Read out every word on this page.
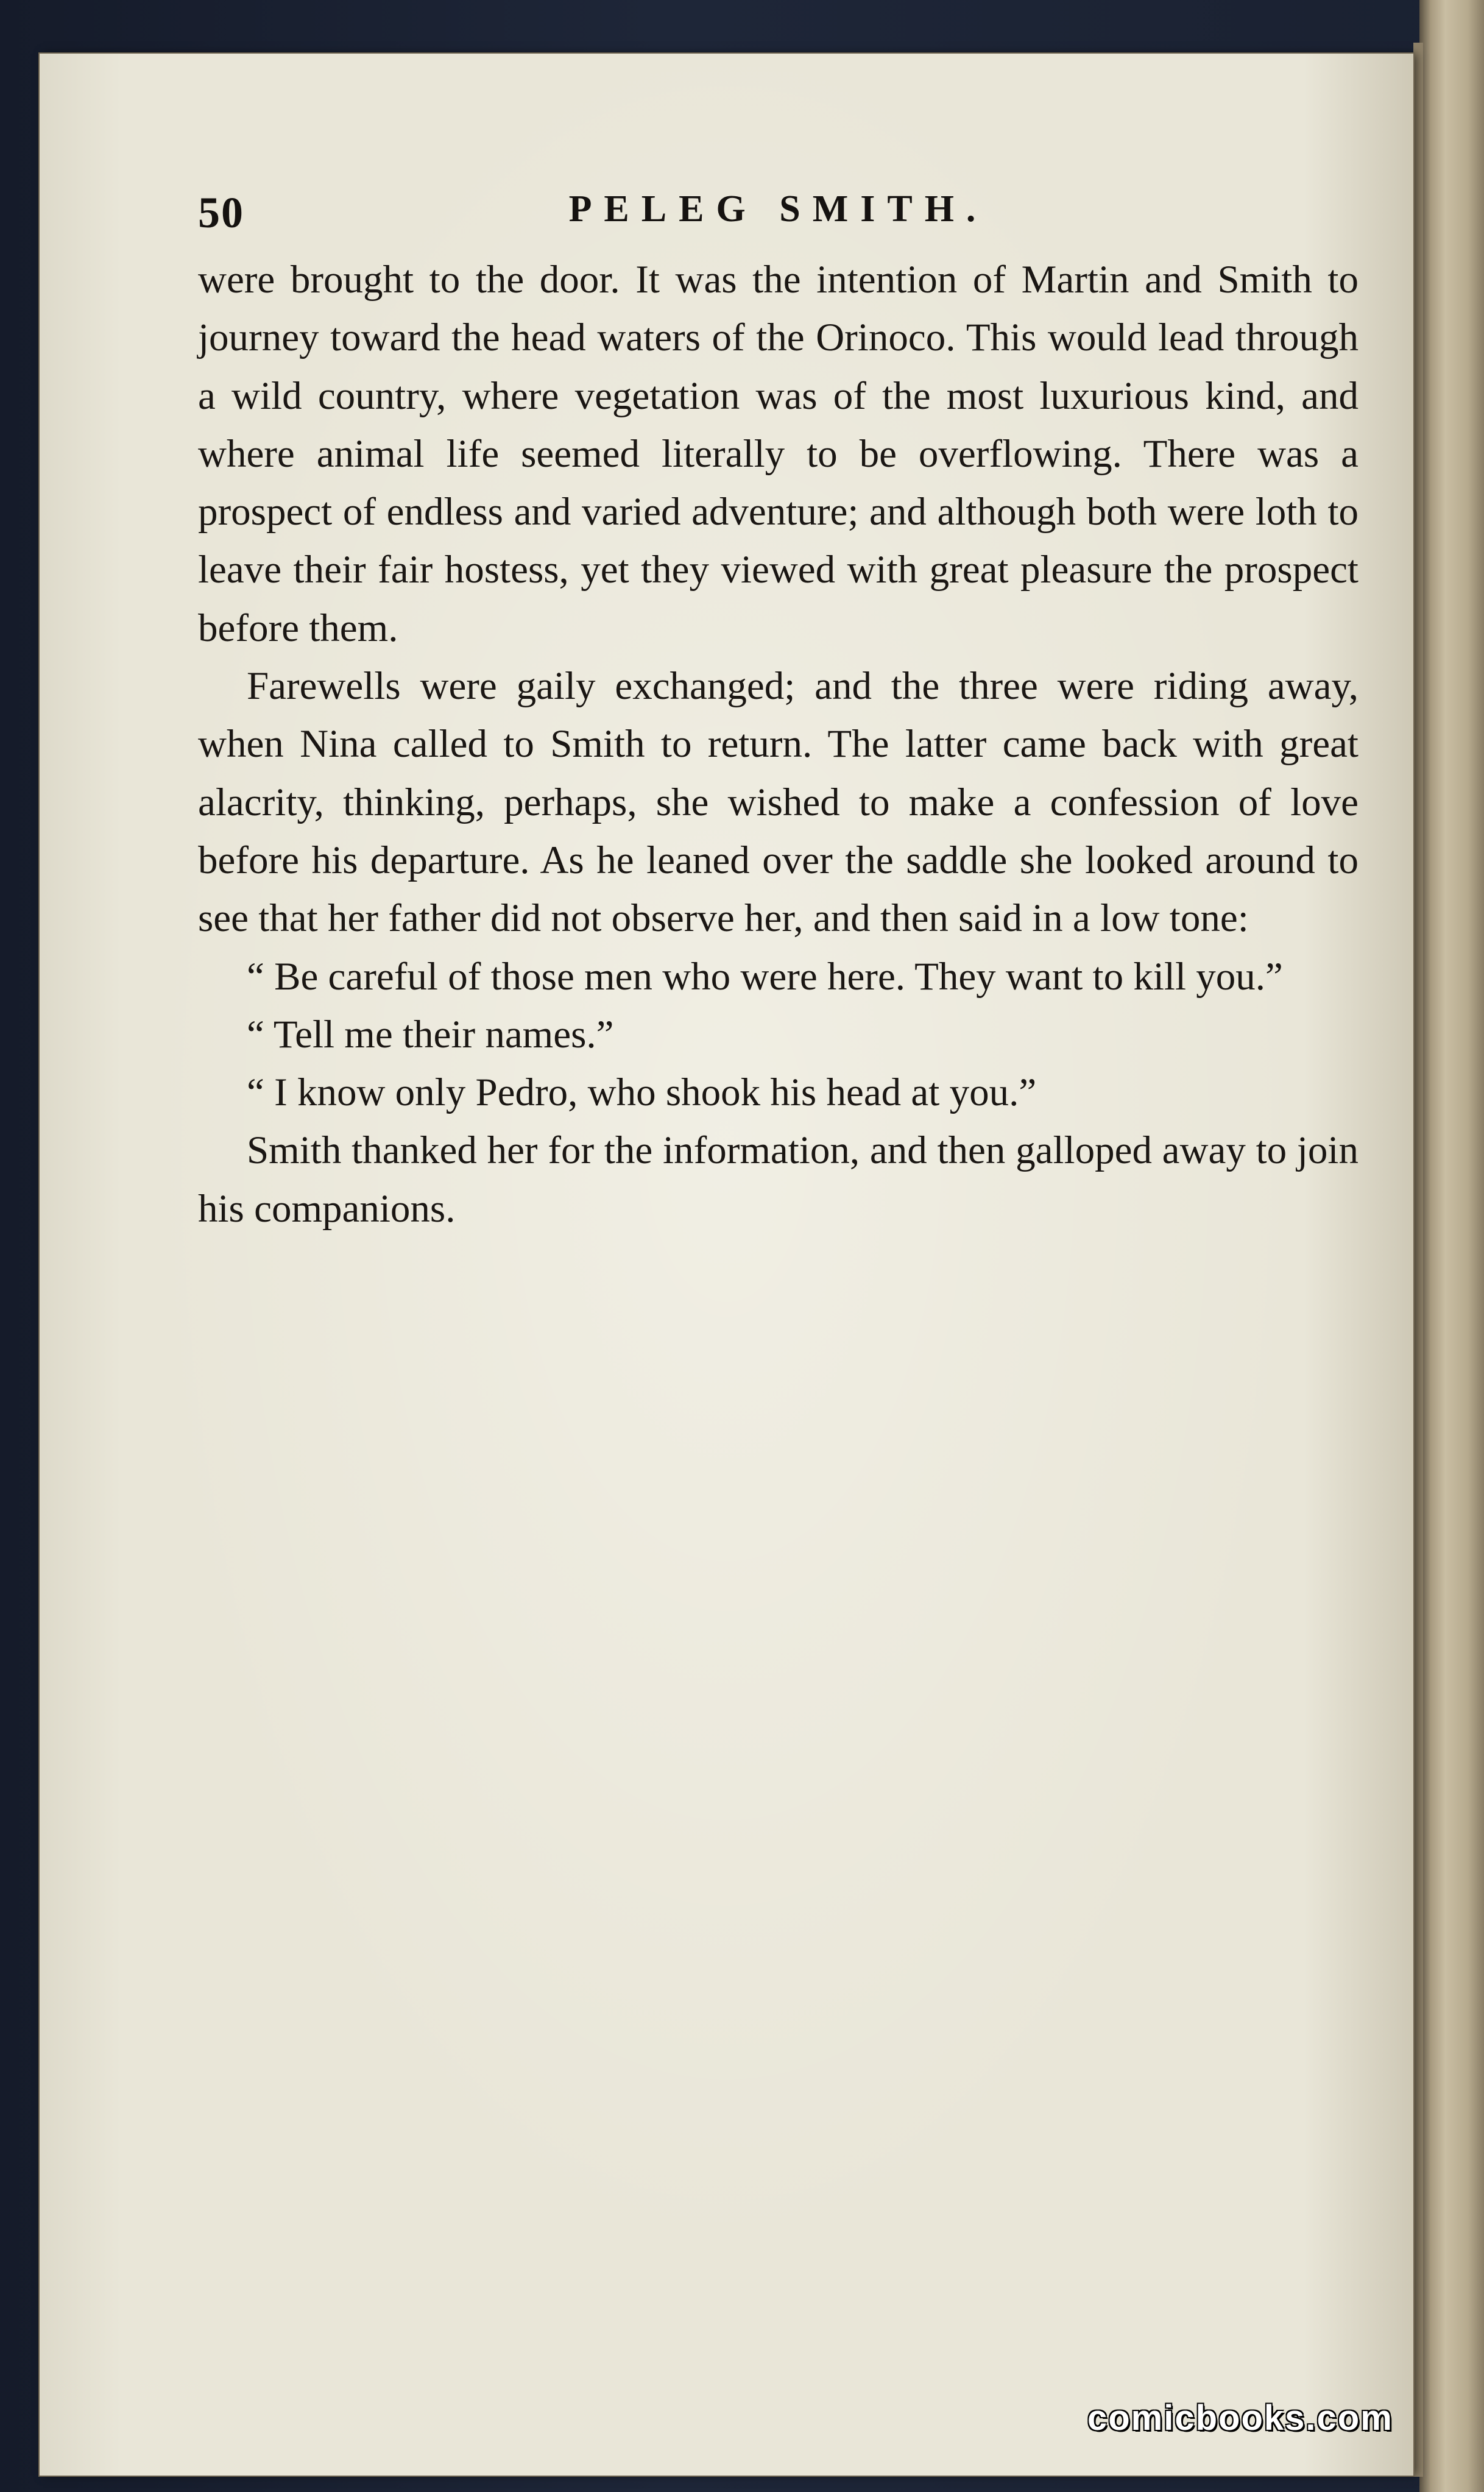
50	PELEG SMITH.

were brought to the door. It was the intention of Martin and Smith to journey toward the head waters of the Orinoco. This would lead through a wild country, where vegetation was of the most luxurious kind, and where animal life seemed literally to be overflowing. There was a prospect of endless and varied adventure; and although both were loth to leave their fair hostess, yet they viewed with great pleasure the prospect before them.

Farewells were gaily exchanged; and the three were riding away, when Nina called to Smith to return. The latter came back with great alacrity, thinking, perhaps, she wished to make a confession of love before his departure. As he leaned over the saddle she looked around to see that her father did not observe her, and then said in a low tone:

“ Be careful of those men who were here. They want to kill you.”

“ Tell me their names.”

“ I know only Pedro, who shook his head at you.”

Smith thanked her for the information, and then galloped away to join his companions.

comicbooks.com
